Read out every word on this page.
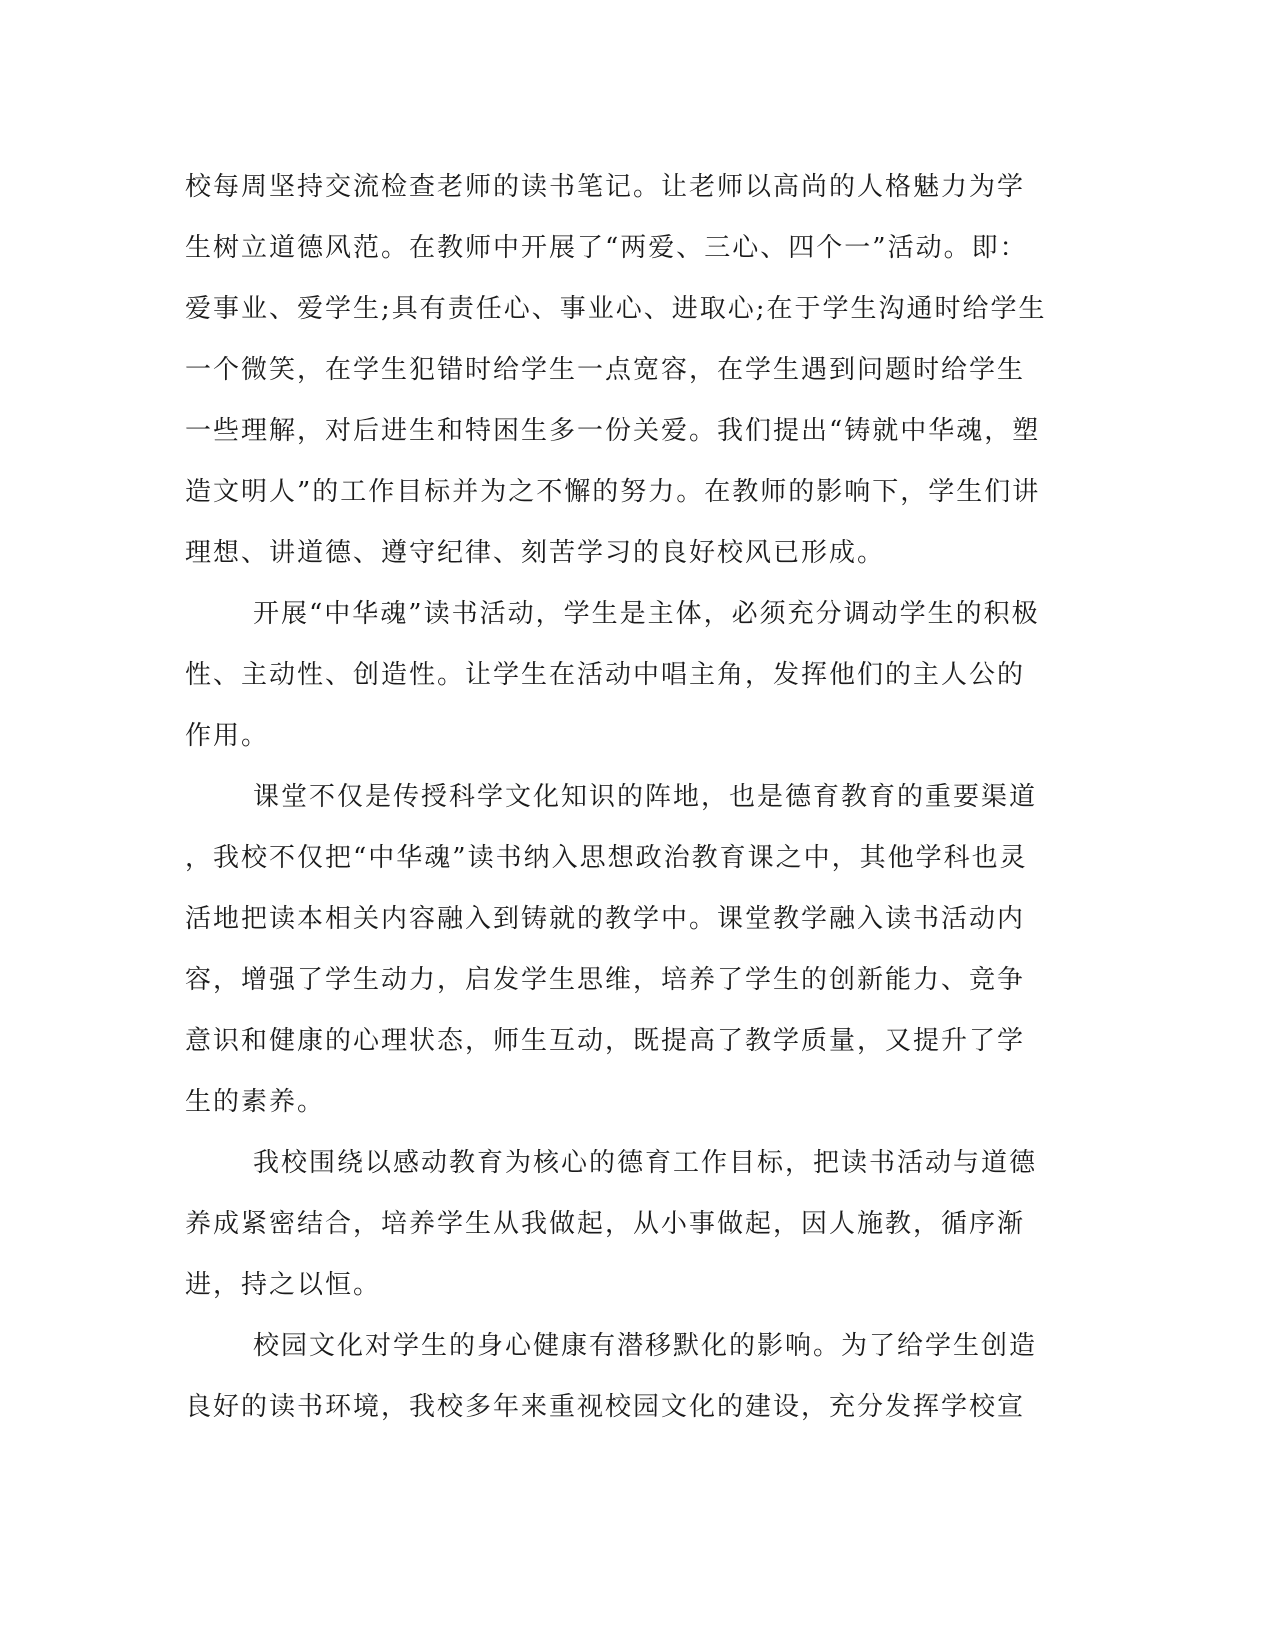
校每周坚持交流检查老师的读书笔记。让老师以高尚的人格魅力为学
生树立道德风范。在教师中开展了“两爱、三心、四个一”活动。即：
爱事业、爱学生;具有责任心、事业心、进取心;在于学生沟通时给学生
一个微笑，在学生犯错时给学生一点宽容，在学生遇到问题时给学生
一些理解，对后进生和特困生多一份关爱。我们提出“铸就中华魂，塑
造文明人”的工作目标并为之不懈的努力。在教师的影响下，学生们讲
理想、讲道德、遵守纪律、刻苦学习的良好校风已形成。
开展“中华魂”读书活动，学生是主体，必须充分调动学生的积极
性、主动性、创造性。让学生在活动中唱主角，发挥他们的主人公的
作用。
课堂不仅是传授科学文化知识的阵地，也是德育教育的重要渠道
，我校不仅把“中华魂”读书纳入思想政治教育课之中，其他学科也灵
活地把读本相关内容融入到铸就的教学中。课堂教学融入读书活动内
容，增强了学生动力，启发学生思维，培养了学生的创新能力、竞争
意识和健康的心理状态，师生互动，既提高了教学质量，又提升了学
生的素养。
我校围绕以感动教育为核心的德育工作目标，把读书活动与道德
养成紧密结合，培养学生从我做起，从小事做起，因人施教，循序渐
进，持之以恒。
校园文化对学生的身心健康有潜移默化的影响。为了给学生创造
良好的读书环境，我校多年来重视校园文化的建设，充分发挥学校宣
